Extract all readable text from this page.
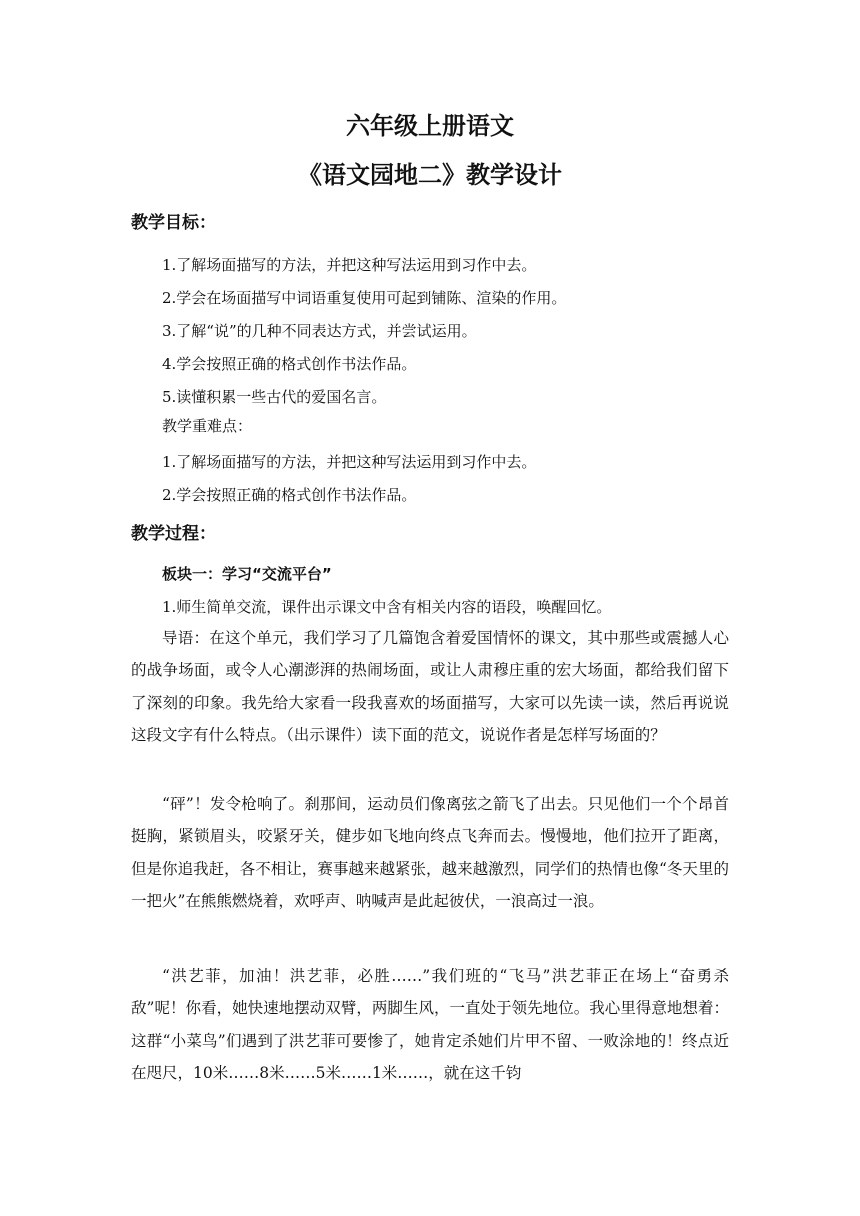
六年级上册语文
《语文园地二》教学设计
教学目标：
1.了解场面描写的方法，并把这种写法运用到习作中去。
2.学会在场面描写中词语重复使用可起到铺陈、渲染的作用。
3.了解“说”的几种不同表达方式，并尝试运用。
4.学会按照正确的格式创作书法作品。
5.读懂积累一些古代的爱国名言。
教学重难点：
1.了解场面描写的方法，并把这种写法运用到习作中去。
2.学会按照正确的格式创作书法作品。
教学过程：
板块一：学习“交流平台”
1.师生简单交流，课件出示课文中含有相关内容的语段，唤醒回忆。

导语：在这个单元，我们学习了几篇饱含着爱国情怀的课文，其中那些或震撼人心的战争场面，或令人心潮澎湃的热闹场面，或让人肃穆庄重的宏大场面，都给我们留下了深刻的印象。我先给大家看一段我喜欢的场面描写，大家可以先读一读，然后再说说这段文字有什么特点。（出示课件）读下面的范文，说说作者是怎样写场面的？

“砰”！发令枪响了。刹那间，运动员们像离弦之箭飞了出去。只见他们一个个昂首挺胸，紧锁眉头，咬紧牙关，健步如飞地向终点飞奔而去。慢慢地，他们拉开了距离，但是你追我赶，各不相让，赛事越来越紧张，越来越激烈，同学们的热情也像“冬天里的一把火”在熊熊燃烧着，欢呼声、呐喊声是此起彼伏，一浪高过一浪。

“洪艺菲，加油！洪艺菲，必胜……”我们班的“飞马”洪艺菲正在场上“奋勇杀敌”呢！你看，她快速地摆动双臂，两脚生风，一直处于领先地位。我心里得意地想着：这群“小菜鸟”们遇到了洪艺菲可要惨了，她肯定杀她们片甲不留、一败涂地的！终点近在咫尺，10米……8米……5米……1米……，就在这千钧
